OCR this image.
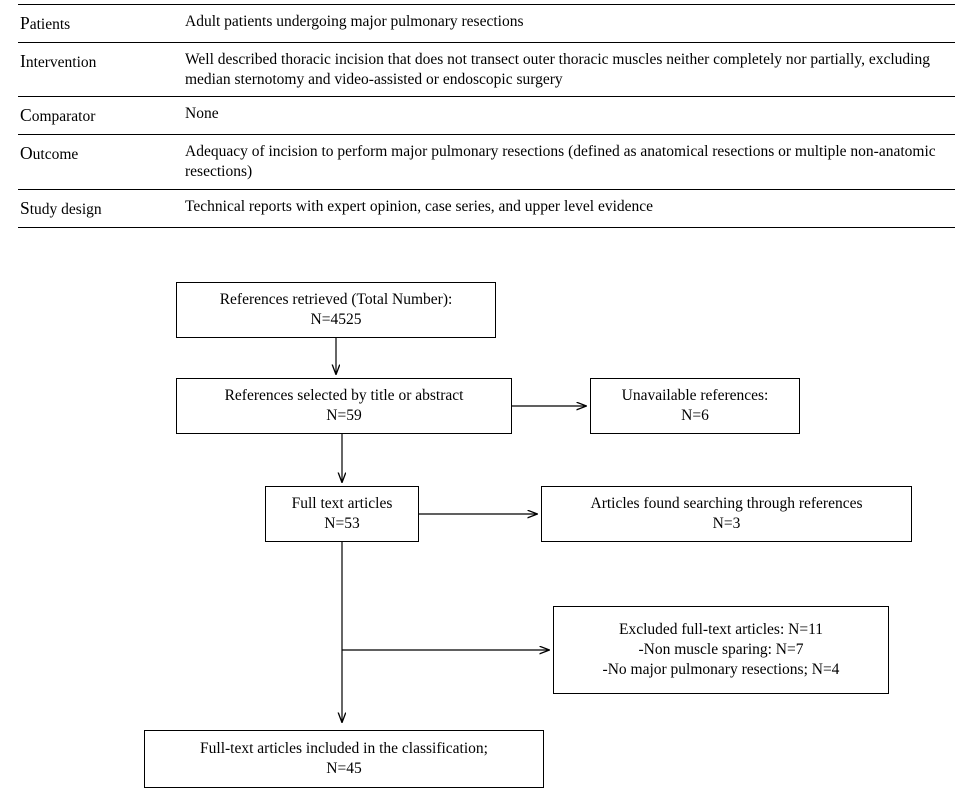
Patients	Adult patients undergoing major pulmonary resections
Intervention	Well described thoracic incision that does not transect outer thoracic muscles neither completely nor partially, excluding median sternotomy and video-assisted or endoscopic surgery
Comparator	None
Outcome	Adequacy of incision to perform major pulmonary resections (defined as anatomical resections or multiple non-anatomic resections)
Study design	Technical reports with expert opinion, case series, and upper level evidence
References retrieved (Total Number):
N=4525
References selected by title or abstract
N=59
Unavailable references:
N=6
Full text articles
N=53
Articles found searching through references
N=3
Excluded full-text articles: N=11
-Non muscle sparing: N=7
-No major pulmonary resections; N=4
Full-text articles included in the classification;
N=45
